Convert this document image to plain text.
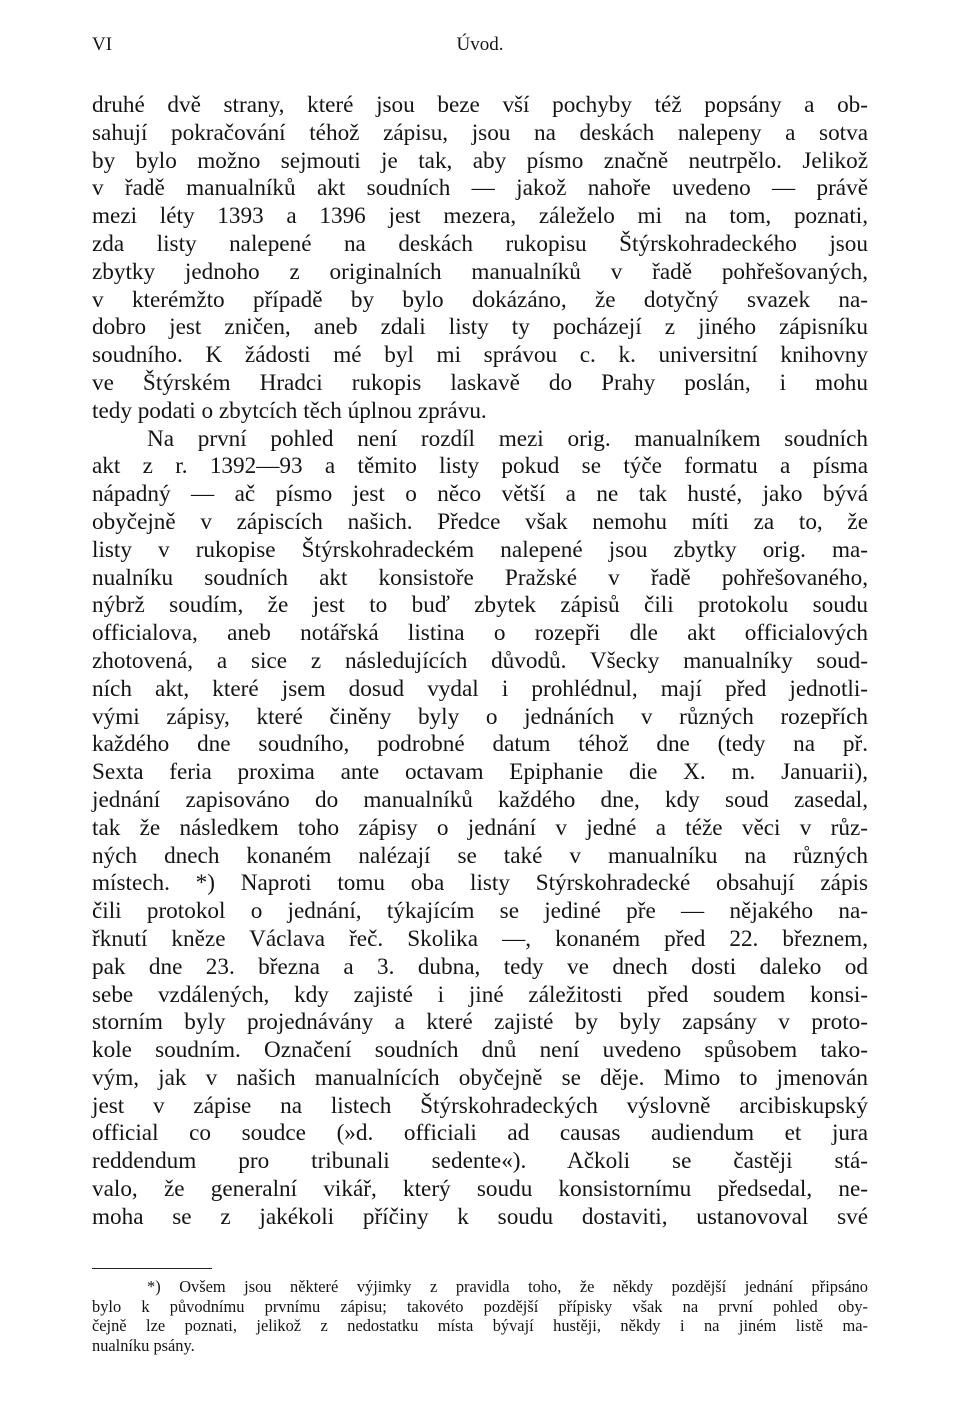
VI	Úvod.
druhé dvě strany, které jsou beze vší pochyby též popsány a ob-
sahují pokračování téhož zápisu, jsou na deskách nalepeny a sotva
by bylo možno sejmouti je tak, aby písmo značně neutrpělo. Jelikož
v řadě manualníků akt soudních — jakož nahoře uvedeno — právě
mezi léty 1393 a 1396 jest mezera, záleželo mi na tom, poznati,
zda listy nalepené na deskách rukopisu Štýrskohradeckého jsou
zbytky jednoho z originalních manualníků v řadě pohřešovaných,
v kterémžto případě by bylo dokázáno, že dotyčný svazek na-
dobro jest zničen, aneb zdali listy ty pocházejí z jiného zápisníku
soudního. K žádosti mé byl mi správou c. k. universitní knihovny
ve Štýrském Hradci rukopis laskavě do Prahy poslán, i mohu
tedy podati o zbytcích těch úplnou zprávu.
Na první pohled není rozdíl mezi orig. manualníkem soudních
akt z r. 1392—93 a těmito listy pokud se týče formatu a písma
nápadný — ač písmo jest o něco větší a ne tak husté, jako bývá
obyčejně v zápiscích našich. Předce však nemohu míti za to, že
listy v rukopise Štýrskohradeckém nalepené jsou zbytky orig. ma-
nualníku soudních akt konsistoře Pražské v řadě pohřešovaného,
nýbrž soudím, že jest to buď zbytek zápisů čili protokolu soudu
officialova, aneb notářská listina o rozepři dle akt officialových
zhotovená, a sice z následujících důvodů. Všecky manualníky soud-
ních akt, které jsem dosud vydal i prohlédnul, mají před jednotli-
vými zápisy, které činěny byly o jednáních v různých rozepřích
každého dne soudního, podrobné datum téhož dne (tedy na př.
Sexta feria proxima ante octavam Epiphanie die X. m. Januarii),
jednání zapisováno do manualníků každého dne, kdy soud zasedal,
tak že následkem toho zápisy o jednání v jedné a téže věci v růz-
ných dnech konaném nalézají se také v manualníku na různých
místech. *) Naproti tomu oba listy Stýrskohradecké obsahují zápis
čili protokol o jednání, týkajícím se jediné pře — nějakého na-
řknutí kněze Václava řeč. Skolika —, konaném před 22. březnem,
pak dne 23. března a 3. dubna, tedy ve dnech dosti daleko od
sebe vzdálených, kdy zajisté i jiné záležitosti před soudem konsi-
storním byly projednávány a které zajisté by byly zapsány v proto-
kole soudním. Označení soudních dnů není uvedeno spůsobem tako-
vým, jak v našich manualnících obyčejně se děje. Mimo to jmenován
jest v zápise na listech Štýrskohradeckých výslovně arcibiskupský
official co soudce (»d. officiali ad causas audiendum et jura
reddendum pro tribunali sedente«). Ačkoli se častěji stá-
valo, že generalní vikář, který soudu konsistornímu předsedal, ne-
moha se z jakékoli příčiny k soudu dostaviti, ustanovoval své
*) Ovšem jsou některé výjimky z pravidla toho, že někdy pozdější jednání připsáno
bylo k původnímu prvnímu zápisu; takovéto pozdější přípisky však na první pohled oby-
čejně lze poznati, jelikož z nedostatku místa bývají hustěji, někdy i na jiném listě ma-
nualníku psány.
